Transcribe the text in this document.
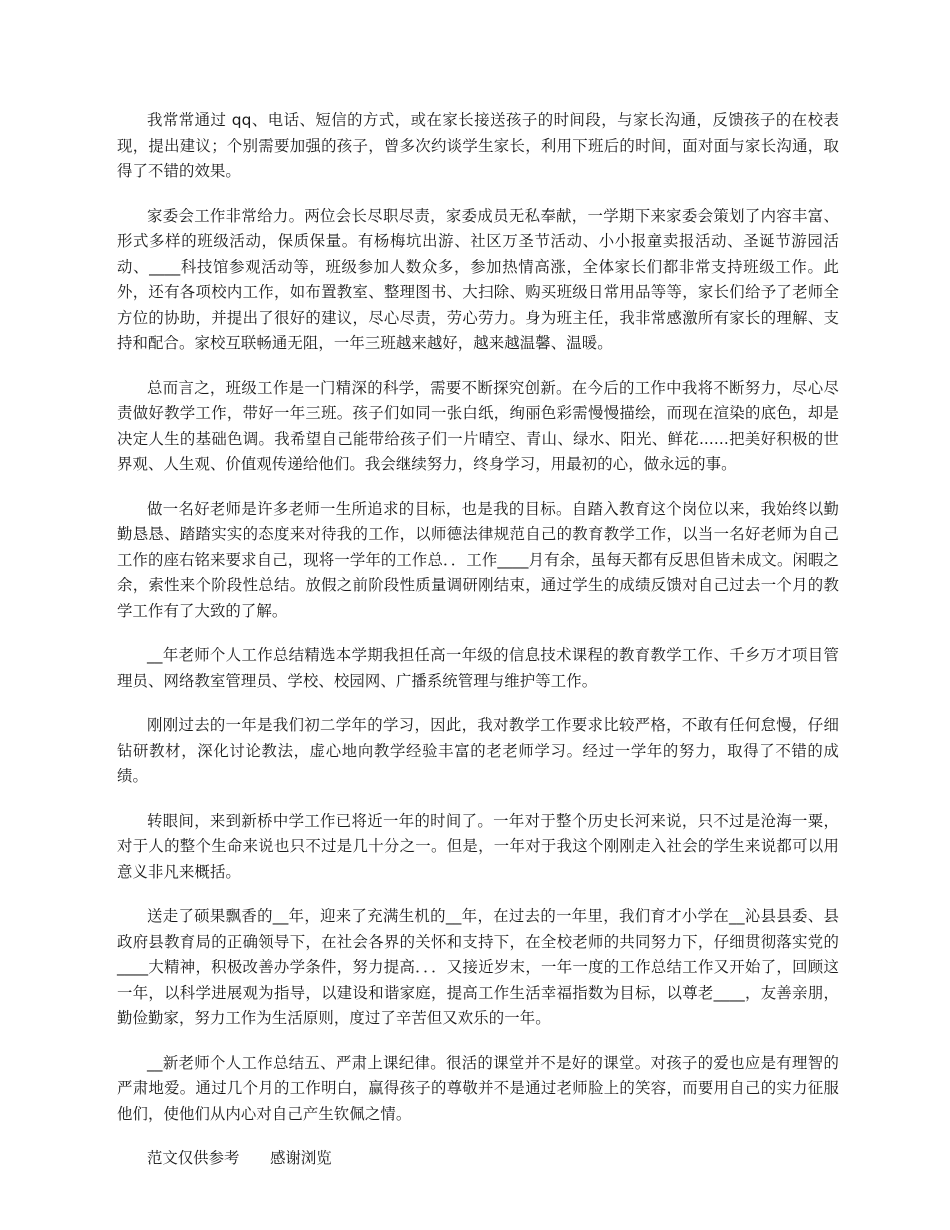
我常常通过 qq、电话、短信的方式，或在家长接送孩子的时间段，与家长沟通，反馈孩子的在校表现，提出建议；个别需要加强的孩子，曾多次约谈学生家长，利用下班后的时间，面对面与家长沟通，取得了不错的效果。

家委会工作非常给力。两位会长尽职尽责，家委成员无私奉献，一学期下来家委会策划了内容丰富、形式多样的班级活动，保质保量。有杨梅坑出游、社区万圣节活动、小小报童卖报活动、圣诞节游园活动、____科技馆参观活动等，班级参加人数众多，参加热情高涨，全体家长们都非常支持班级工作。此外，还有各项校内工作，如布置教室、整理图书、大扫除、购买班级日常用品等等，家长们给予了老师全方位的协助，并提出了很好的建议，尽心尽责，劳心劳力。身为班主任，我非常感激所有家长的理解、支持和配合。家校互联畅通无阻，一年三班越来越好，越来越温馨、温暖。

总而言之，班级工作是一门精深的科学，需要不断探究创新。在今后的工作中我将不断努力，尽心尽责做好教学工作，带好一年三班。孩子们如同一张白纸，绚丽色彩需慢慢描绘，而现在渲染的底色，却是决定人生的基础色调。我希望自己能带给孩子们一片晴空、青山、绿水、阳光、鲜花......把美好积极的世界观、人生观、价值观传递给他们。我会继续努力，终身学习，用最初的心，做永远的事。

做一名好老师是许多老师一生所追求的目标，也是我的目标。自踏入教育这个岗位以来，我始终以勤勤恳恳、踏踏实实的态度来对待我的工作，以师德法律规范自己的教育教学工作，以当一名好老师为自己工作的座右铭来要求自己，现将一学年的工作总．．工作____月有余，虽每天都有反思但皆未成文。闲暇之余，索性来个阶段性总结。放假之前阶段性质量调研刚结束，通过学生的成绩反馈对自己过去一个月的教学工作有了大致的了解。

__年老师个人工作总结精选本学期我担任高一年级的信息技术课程的教育教学工作、千乡万才项目管理员、网络教室管理员、学校、校园网、广播系统管理与维护等工作。

刚刚过去的一年是我们初二学年的学习，因此，我对教学工作要求比较严格，不敢有任何怠慢，仔细钻研教材，深化讨论教法，虚心地向教学经验丰富的老老师学习。经过一学年的努力，取得了不错的成绩。

转眼间，来到新桥中学工作已将近一年的时间了。一年对于整个历史长河来说，只不过是沧海一粟，对于人的整个生命来说也只不过是几十分之一。但是，一年对于我这个刚刚走入社会的学生来说都可以用意义非凡来概括。

送走了硕果飘香的__年，迎来了充满生机的__年，在过去的一年里，我们育才小学在__沁县县委、县政府县教育局的正确领导下，在社会各界的关怀和支持下，在全校老师的共同努力下，仔细贯彻落实党的____大精神，积极改善办学条件，努力提高．．．又接近岁末，一年一度的工作总结工作又开始了，回顾这一年，以科学进展观为指导，以建设和谐家庭，提高工作生活幸福指数为目标，以尊老____，友善亲朋，勤俭勤家，努力工作为生活原则，度过了辛苦但又欢乐的一年。

__新老师个人工作总结五、严肃上课纪律。很活的课堂并不是好的课堂。对孩子的爱也应是有理智的严肃地爱。通过几个月的工作明白，赢得孩子的尊敬并不是通过老师脸上的笑容，而要用自己的实力征服他们，使他们从内心对自己产生钦佩之情。

范文仅供参考　　感谢浏览
